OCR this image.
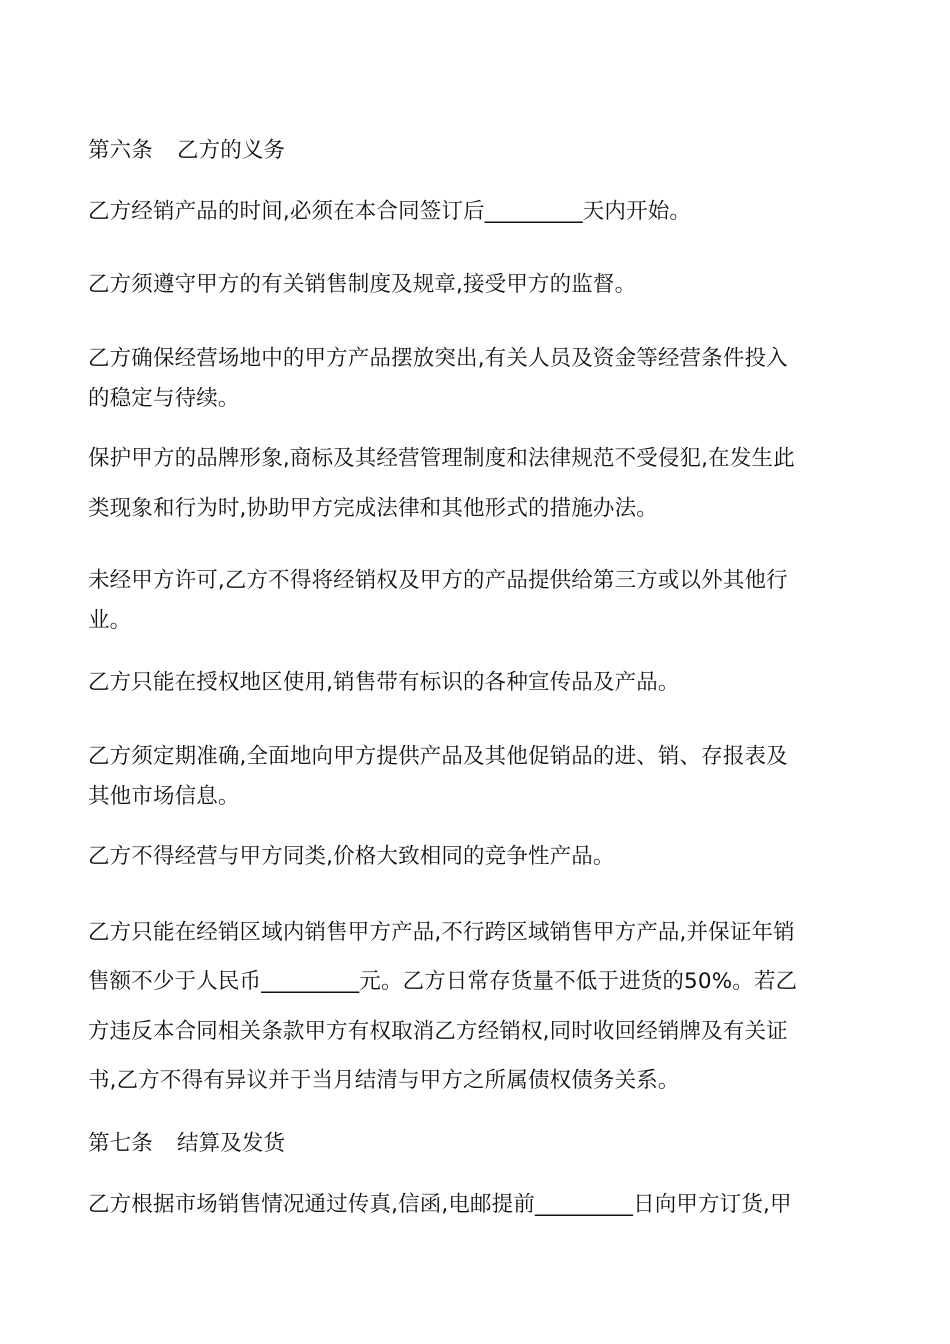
第六条 乙方的义务
乙方经销产品的时间,必须在本合同签订后_________天内开始。
乙方须遵守甲方的有关销售制度及规章,接受甲方的监督。
乙方确保经营场地中的甲方产品摆放突出,有关人员及资金等经营条件投入
的稳定与待续。
保护甲方的品牌形象,商标及其经营管理制度和法律规范不受侵犯,在发生此
类现象和行为时,协助甲方完成法律和其他形式的措施办法。
未经甲方许可,乙方不得将经销权及甲方的产品提供给第三方或以外其他行
业。
乙方只能在授权地区使用,销售带有标识的各种宣传品及产品。
乙方须定期准确,全面地向甲方提供产品及其他促销品的进、销、存报表及
其他市场信息。
乙方不得经营与甲方同类,价格大致相同的竞争性产品。
乙方只能在经销区域内销售甲方产品,不行跨区域销售甲方产品,并保证年销
售额不少于人民币_________元。乙方日常存货量不低于进货的50%。若乙
方违反本合同相关条款甲方有权取消乙方经销权,同时收回经销牌及有关证
书,乙方不得有异议并于当月结清与甲方之所属债权债务关系。
第七条 结算及发货
乙方根据市场销售情况通过传真,信函,电邮提前_________日向甲方订货,甲
